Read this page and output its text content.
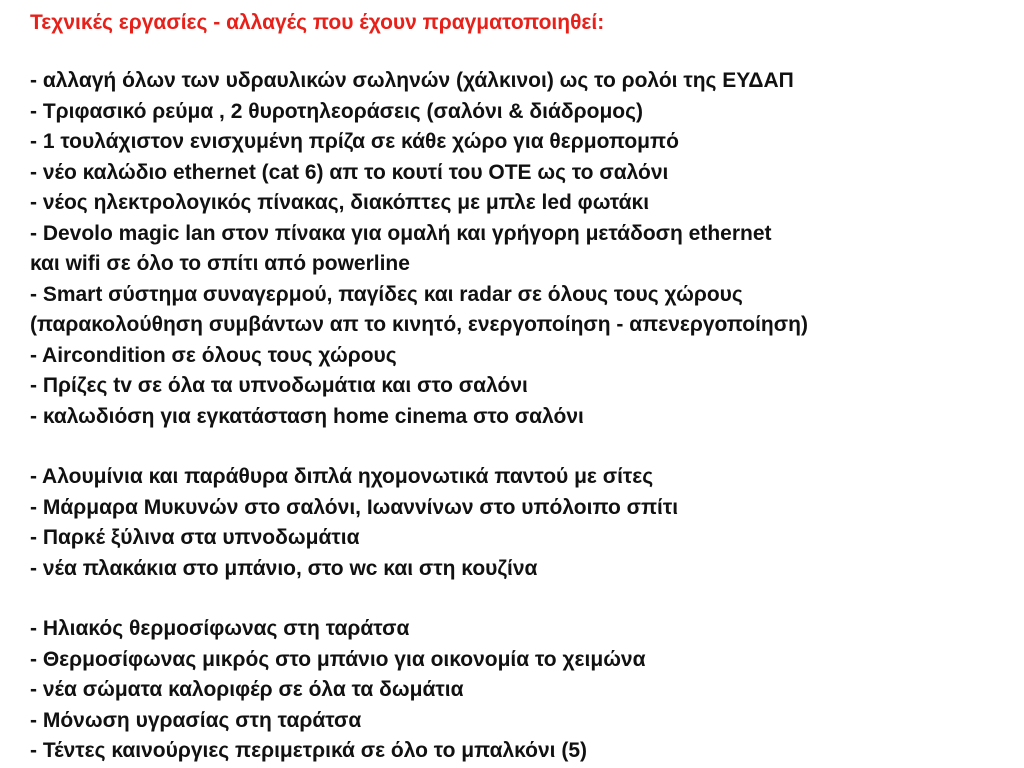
Τεχνικές εργασίες - αλλαγές που έχουν πραγματοποιηθεί:
- αλλαγή όλων των υδραυλικών σωληνών (χάλκινοι) ως το ρολόι της ΕΥΔΑΠ
- Τριφασικό ρεύμα , 2 θυροτηλεοράσεις (σαλόνι & διάδρομος)
- 1 τουλάχιστον ενισχυμένη πρίζα σε κάθε χώρο για θερμοπομπό
- νέο καλώδιο ethernet (cat 6) απ το κουτί του ΟΤΕ ως το σαλόνι
- νέος ηλεκτρολογικός πίνακας, διακόπτες με μπλε led φωτάκι
- Devolo magic lan στον πίνακα για ομαλή και γρήγορη μετάδοση ethernet
και wifi σε όλο το σπίτι από powerline
- Smart σύστημα συναγερμού, παγίδες και radar σε όλους τους χώρους
(παρακολούθηση συμβάντων απ το κινητό, ενεργοποίηση - απενεργοποίηση)
- Aircondition σε όλους τους χώρους
- Πρίζες tv σε όλα τα υπνοδωμάτια και στο σαλόνι
- καλωδιόση για εγκατάσταση home cinema στο σαλόνι
- Αλουμίνια και παράθυρα διπλά ηχομονωτικά παντού με σίτες
- Μάρμαρα Μυκυνών στο σαλόνι, Ιωαννίνων στο υπόλοιπο σπίτι
- Παρκέ ξύλινα στα υπνοδωμάτια
- νέα πλακάκια στο μπάνιο, στο wc και στη κουζίνα
- Ηλιακός θερμοσίφωνας στη ταράτσα
- Θερμοσίφωνας μικρός στο μπάνιο για οικονομία το χειμώνα
- νέα σώματα καλοριφέρ σε όλα τα δωμάτια
- Μόνωση υγρασίας στη ταράτσα
- Τέντες καινούργιες περιμετρικά σε όλο το μπαλκόνι (5)
